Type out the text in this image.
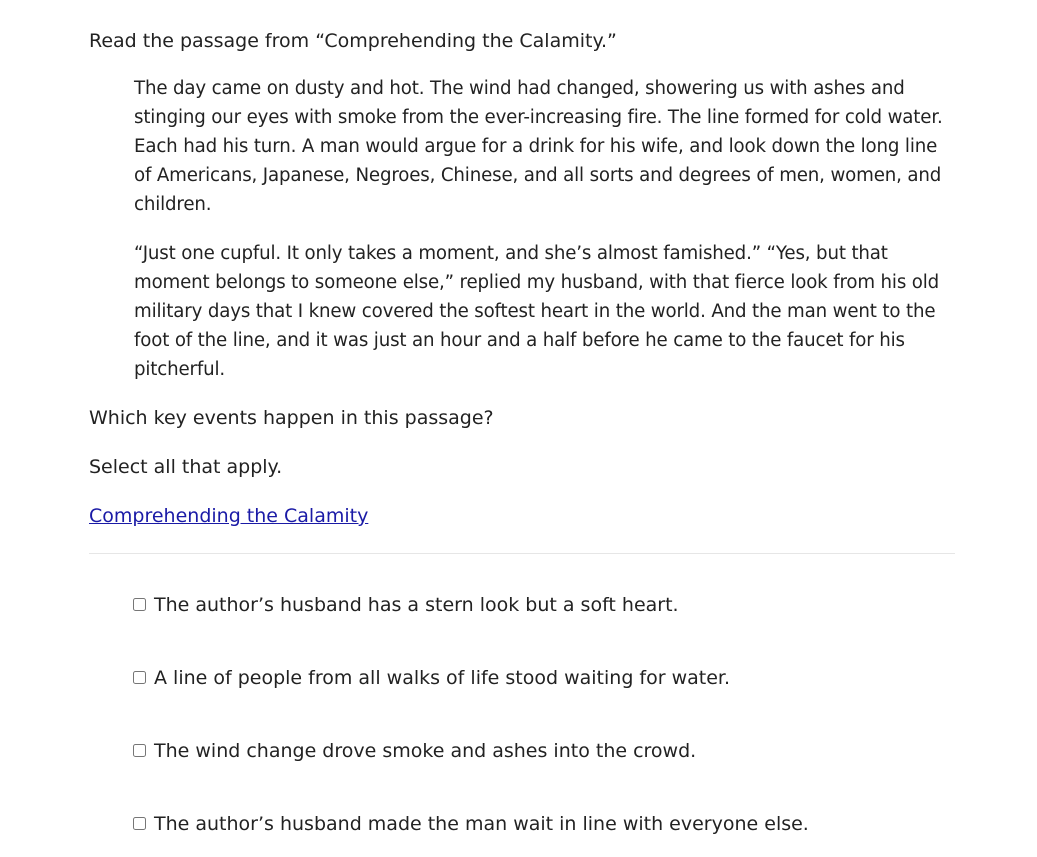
Read the passage from “Comprehending the Calamity.”

The day came on dusty and hot. The wind had changed, showering us with ashes and stinging our eyes with smoke from the ever-increasing fire. The line formed for cold water. Each had his turn. A man would argue for a drink for his wife, and look down the long line of Americans, Japanese, Negroes, Chinese, and all sorts and degrees of men, women, and children.

“Just one cupful. It only takes a moment, and she’s almost famished.” “Yes, but that moment belongs to someone else,” replied my husband, with that fierce look from his old military days that I knew covered the softest heart in the world. And the man went to the foot of the line, and it was just an hour and a half before he came to the faucet for his pitcherful.

Which key events happen in this passage?

Select all that apply.

Comprehending the Calamity
The author’s husband has a stern look but a soft heart.
A line of people from all walks of life stood waiting for water.
The wind change drove smoke and ashes into the crowd.
The author’s husband made the man wait in line with everyone else.
